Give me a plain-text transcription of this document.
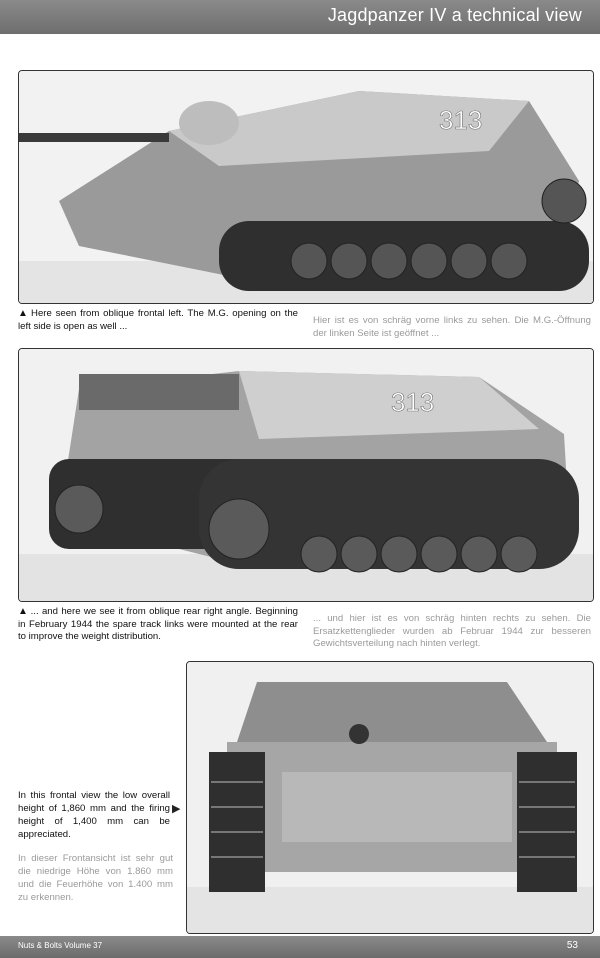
Jagdpanzer IV a technical view
313
▲ Here seen from oblique frontal left. The M.G. opening on the left side is open as well ...
Hier ist es von schräg vorne links zu sehen. Die M.G.-Öffnung der linken Seite ist geöffnet ...
313
▲ ... and here we see it from oblique rear right angle. Beginning in February 1944 the spare track links were mounted at the rear to improve the weight distribution.
... und hier ist es von schräg hinten rechts zu sehen. Die Ersatzkettenglieder wurden ab Februar 1944 zur besseren Gewichtsverteilung nach hinten verlegt.
In this frontal view the low overall height of 1,860 mm and the firing height of 1,400 mm can be appreciated.
▶
In dieser Frontansicht ist sehr gut die niedrige Höhe von 1.860 mm und die Feuerhöhe von 1.400 mm zu erkennen.
Nuts & Bolts Volume 37	53
